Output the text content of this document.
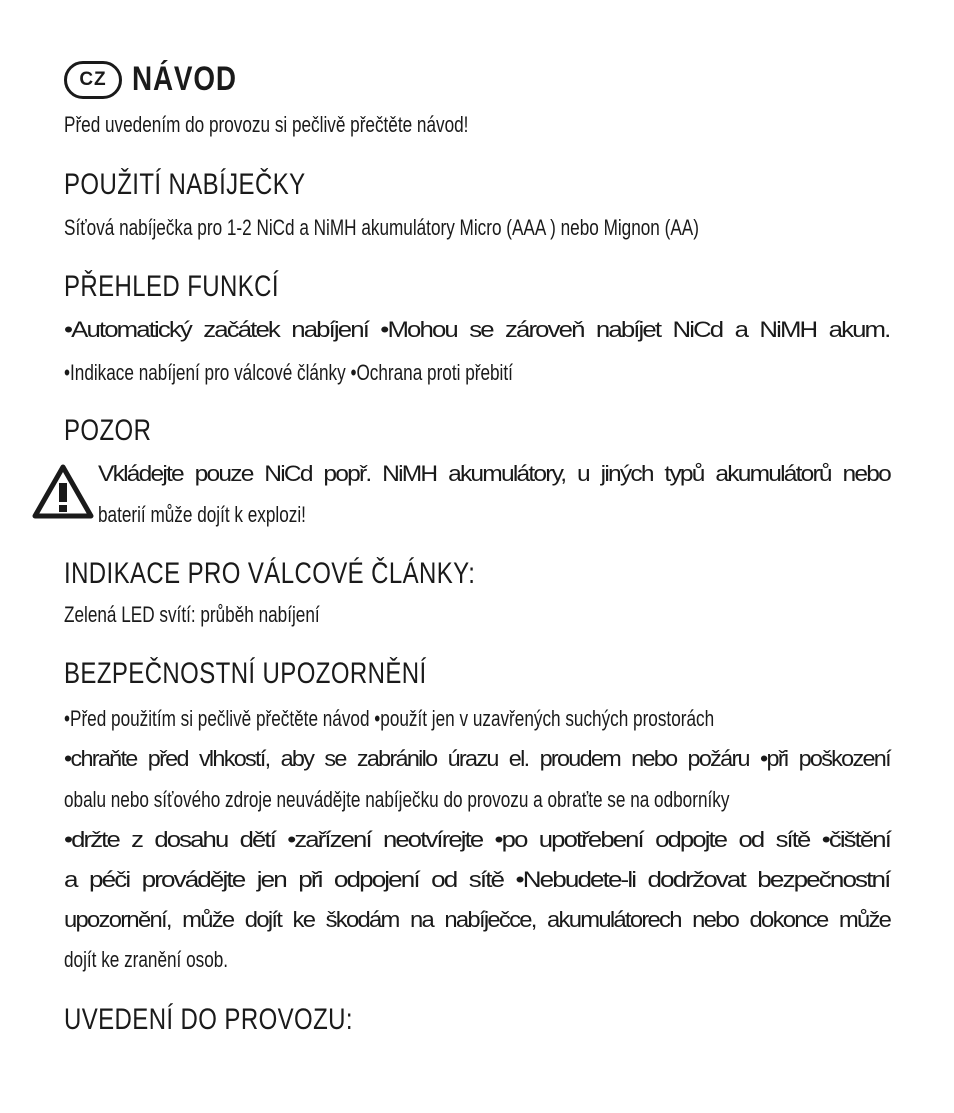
CZ NÁVOD
Před uvedením do provozu si pečlivě přečtěte návod!
POUŽITÍ NABÍJEČKY
Síťová nabíječka pro 1-2 NiCd a NiMH akumulátory Micro (AAA ) nebo Mignon (AA)
PŘEHLED FUNKCÍ
•Automatický začátek nabíjení •Mohou se zároveň nabíjet NiCd a NiMH akum.
•Indikace nabíjení pro válcové články •Ochrana proti přebití
POZOR
Vkládejte pouze NiCd popř. NiMH akumulátory, u jiných typů akumulátorů nebo
baterií může dojít k explozi!
INDIKACE PRO VÁLCOVÉ ČLÁNKY:
Zelená LED svítí: průběh nabíjení
BEZPEČNOSTNÍ UPOZORNĚNÍ
•Před použitím si pečlivě přečtěte návod •použít jen v uzavřených suchých prostorách
•chraňte před vlhkostí, aby se zabránilo úrazu el. proudem nebo požáru •při poškození
obalu nebo síťového zdroje neuvádějte nabíječku do provozu a obraťte se na odborníky
•držte z dosahu dětí •zařízení neotvírejte •po upotřebení odpojte od sítě •čištění
a péči provádějte jen při odpojení od sítě •Nebudete-li dodržovat bezpečnostní
upozornění, může dojít ke škodám na nabíječce, akumulátorech nebo dokonce může
dojít ke zranění osob.
UVEDENÍ DO PROVOZU:
